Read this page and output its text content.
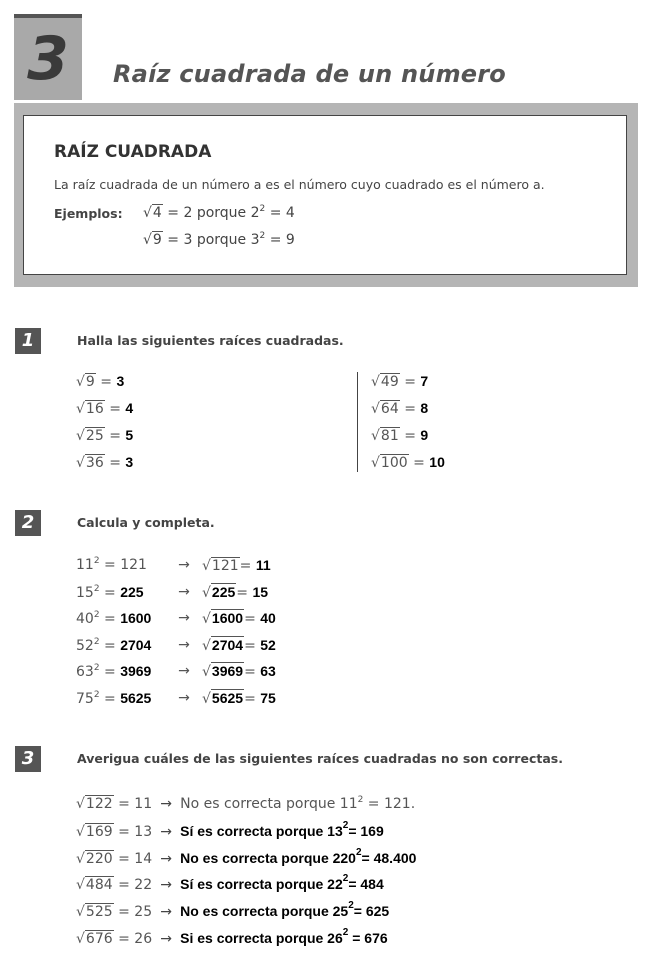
3	Raíz cuadrada de un número
RAÍZ CUADRADA
La raíz cuadrada de un número a es el número cuyo cuadrado es el número a.
Ejemplos: √4 = 2 porque $2^2 = 4$
√9 = 3 porque $3^2 = 9$
1	Halla las siguientes raíces cuadradas.
√9 = 3
√16 = 4
√25 = 5
√36 = 3
√49 = 7
√64 = 8
√81 = 9
√100 = 10
2	Calcula y completa.
$11^2 = 121$	→ √121= 11
$15^2 = 225$	→ √225= 15
$40^2 = 1600$	→ √1600= 40
$52^2 = 2704$	→ √2704= 52
$63^2 = 3969$	→ √3969= 63
$75^2 = 5625$	→ √5625= 75
3	Averigua cuáles de las siguientes raíces cuadradas no son correctas.
√122 = 11 → No es correcta porque $11^2 = 121$.
√169 = 13 → Sí es correcta porque $13^2= 169$
√220 = 14 → No es correcta porque $220^2= 48.400$
√484 = 22 → Sí es correcta porque $22^2= 484$
√525 = 25 → No es correcta porque $25^2= 625$
√676 = 26 → Si es correcta porque $26^2 = 676$
